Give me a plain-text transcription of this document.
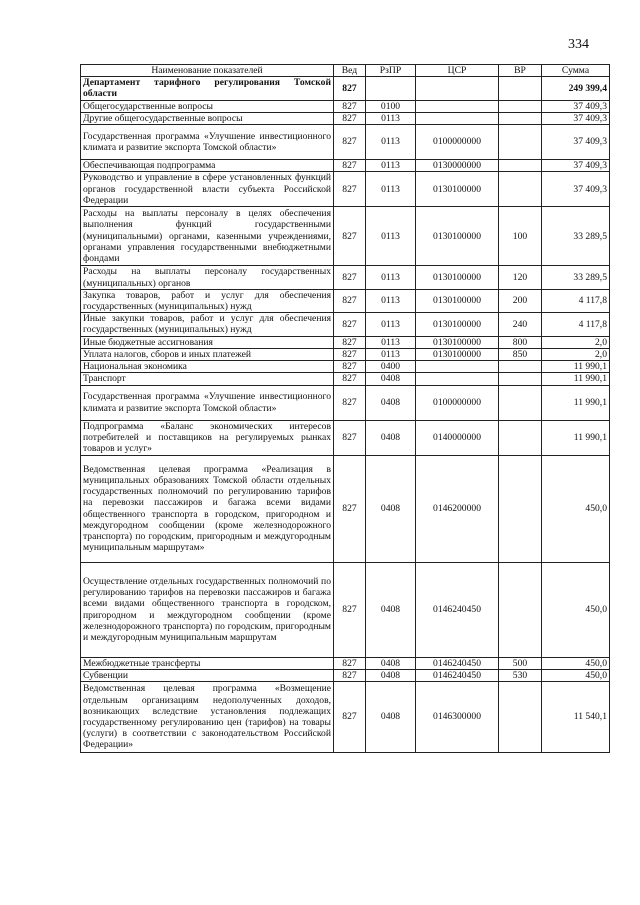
334
Наименование показателей	Вед	РзПР	ЦСР	ВР	Сумма
Департамент тарифного регулирования Томской области	827				249 399,4
Общегосударственные вопросы	827	0100			37 409,3
Другие общегосударственные вопросы	827	0113			37 409,3
Государственная программа «Улучшение инвестиционного климата и развитие экспорта Томской области»	827	0113	0100000000		37 409,3
Обеспечивающая подпрограмма	827	0113	0130000000		37 409,3
Руководство и управление в сфере установленных функций органов государственной власти субъекта Российской Федерации	827	0113	0130100000		37 409,3
Расходы на выплаты персоналу в целях обеспечения выполнения функций государственными (муниципальными) органами, казенными учреждениями, органами управления государственными внебюджетными фондами	827	0113	0130100000	100	33 289,5
Расходы на выплаты персоналу государственных (муниципальных) органов	827	0113	0130100000	120	33 289,5
Закупка товаров, работ и услуг для обеспечения государственных (муниципальных) нужд	827	0113	0130100000	200	4 117,8
Иные закупки товаров, работ и услуг для обеспечения государственных (муниципальных) нужд	827	0113	0130100000	240	4 117,8
Иные бюджетные ассигнования	827	0113	0130100000	800	2,0
Уплата налогов, сборов и иных платежей	827	0113	0130100000	850	2,0
Национальная экономика	827	0400			11 990,1
Транспорт	827	0408			11 990,1
Государственная программа «Улучшение инвестиционного климата и развитие экспорта Томской области»	827	0408	0100000000		11 990,1
Подпрограмма «Баланс экономических интересов потребителей и поставщиков на регулируемых рынках товаров и услуг»	827	0408	0140000000		11 990,1
Ведомственная целевая программа «Реализация в муниципальных образованиях Томской области отдельных государственных полномочий по регулированию тарифов на перевозки пассажиров и багажа всеми видами общественного транспорта в городском, пригородном и междугородном сообщении (кроме железнодорожного транспорта) по городским, пригородным и междугородным муниципальным маршрутам»	827	0408	0146200000		450,0
Осуществление отдельных государственных полномочий по регулированию тарифов на перевозки пассажиров и багажа всеми видами общественного транспорта в городском, пригородном и междугородном сообщении (кроме железнодорожного транспорта) по городским, пригородным и междугородным муниципальным маршрутам	827	0408	0146240450		450,0
Межбюджетные трансферты	827	0408	0146240450	500	450,0
Субвенции	827	0408	0146240450	530	450,0
Ведомственная целевая программа «Возмещение отдельным организациям недополученных доходов, возникающих вследствие установления подлежащих государственному регулированию цен (тарифов) на товары (услуги) в соответствии с законодательством Российской Федерации»	827	0408	0146300000		11 540,1
